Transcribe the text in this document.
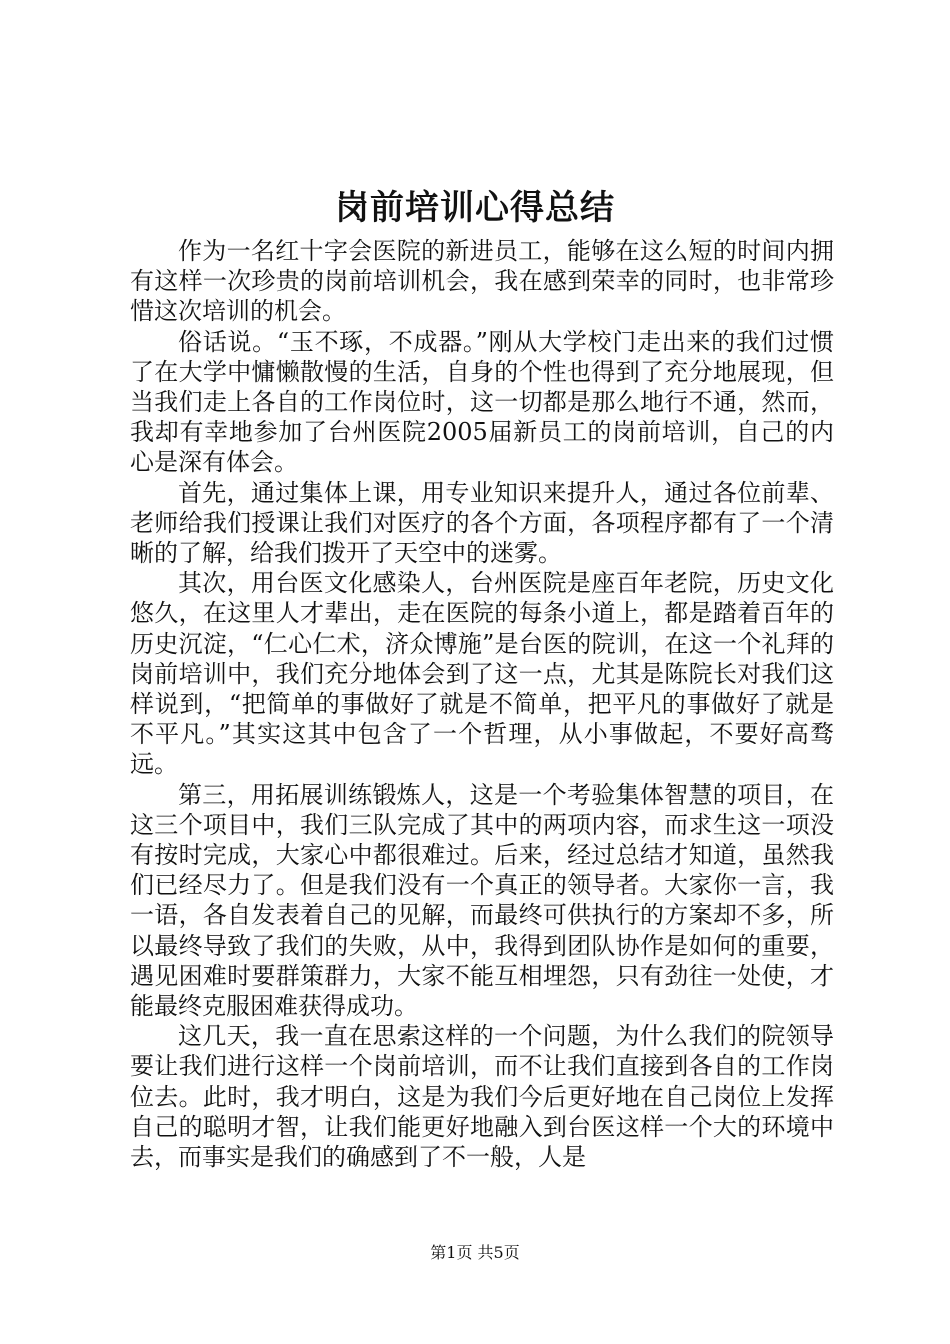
岗前培训心得总结

作为一名红十字会医院的新进员工，能够在这么短的时间内拥有这样一次珍贵的岗前培训机会，我在感到荣幸的同时，也非常珍惜这次培训的机会。

俗话说。“玉不琢，不成器。”刚从大学校门走出来的我们过惯了在大学中慵懒散慢的生活，自身的个性也得到了充分地展现，但当我们走上各自的工作岗位时，这一切都是那么地行不通，然而，我却有幸地参加了台州医院2005届新员工的岗前培训，自己的内心是深有体会。

首先，通过集体上课，用专业知识来提升人，通过各位前辈、老师给我们授课让我们对医疗的各个方面，各项程序都有了一个清晰的了解，给我们拨开了天空中的迷雾。

其次，用台医文化感染人，台州医院是座百年老院，历史文化悠久，在这里人才辈出，走在医院的每条小道上，都是踏着百年的历史沉淀，“仁心仁术，济众博施”是台医的院训，在这一个礼拜的岗前培训中，我们充分地体会到了这一点，尤其是陈院长对我们这样说到，“把简单的事做好了就是不简单，把平凡的事做好了就是不平凡。”其实这其中包含了一个哲理，从小事做起，不要好高骛远。

第三，用拓展训练锻炼人，这是一个考验集体智慧的项目，在这三个项目中，我们三队完成了其中的两项内容，而求生这一项没有按时完成，大家心中都很难过。后来，经过总结才知道，虽然我们已经尽力了。但是我们没有一个真正的领导者。大家你一言，我一语，各自发表着自己的见解，而最终可供执行的方案却不多，所以最终导致了我们的失败，从中，我得到团队协作是如何的重要，遇见困难时要群策群力，大家不能互相埋怨，只有劲往一处使，才能最终克服困难获得成功。

这几天，我一直在思索这样的一个问题，为什么我们的院领导要让我们进行这样一个岗前培训，而不让我们直接到各自的工作岗位去。此时，我才明白，这是为我们今后更好地在自己岗位上发挥自己的聪明才智，让我们能更好地融入到台医这样一个大的环境中去，而事实是我们的确感到了不一般，人是

第1页 共5页
